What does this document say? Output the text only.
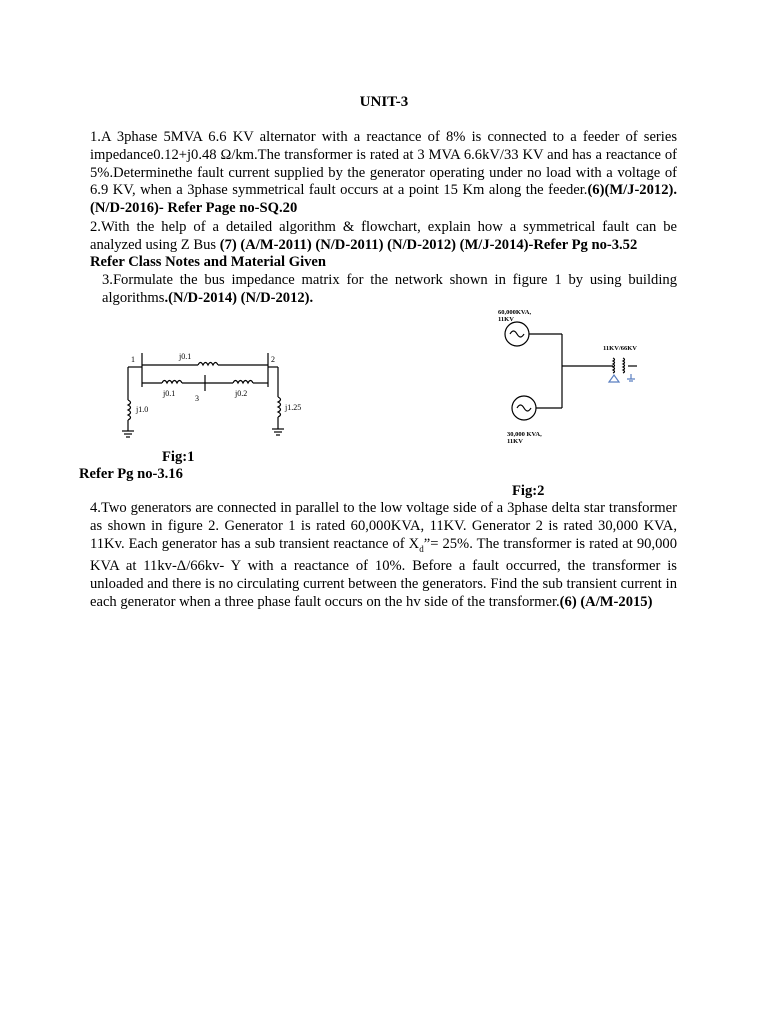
UNIT-3
1.A 3phase 5MVA 6.6 KV alternator with a reactance of 8% is connected to a feeder of series impedance0.12+j0.48 Ω/km.The transformer is rated at 3 MVA 6.6kV/33 KV and has a reactance of 5%.Determinethe fault current supplied by the generator operating under no load with a voltage of 6.9 KV, when a 3phase symmetrical fault occurs at a point 15 Km along the feeder.(6)(M/J-2012).(N/D-2016)- Refer Page no-SQ.20
2.With the help of a detailed algorithm & flowchart, explain how a symmetrical fault can be analyzed using Z Bus (7) (A/M-2011) (N/D-2011) (N/D-2012) (M/J-2014)-Refer Pg no-3.52
Refer Class Notes and Material Given
3.Formulate the bus impedance matrix for the network shown in figure 1 by using building algorithms.(N/D-2014) (N/D-2012).
1	2
3
j0.1
j0.1	j0.2
j1.0	j1.25
Fig:1
Refer Pg no-3.16
60,000KVA,
11KV
11KV/66KV
30,000 KVA,
11KV
Fig:2
4.Two generators are connected in parallel to the low voltage side of a 3phase delta star transformer as shown in figure 2. Generator 1 is rated 60,000KVA, 11KV. Generator 2 is rated 30,000 KVA, 11Kv. Each generator has a sub transient reactance of $X_d”= 25\%$. The transformer is rated at 90,000 KVA at 11kv-Δ/66kv- Y with a reactance of 10%. Before a fault occurred, the transformer is unloaded and there is no circulating current between the generators. Find the sub transient current in each generator when a three phase fault occurs on the hv side of the transformer.(6) (A/M-2015)
